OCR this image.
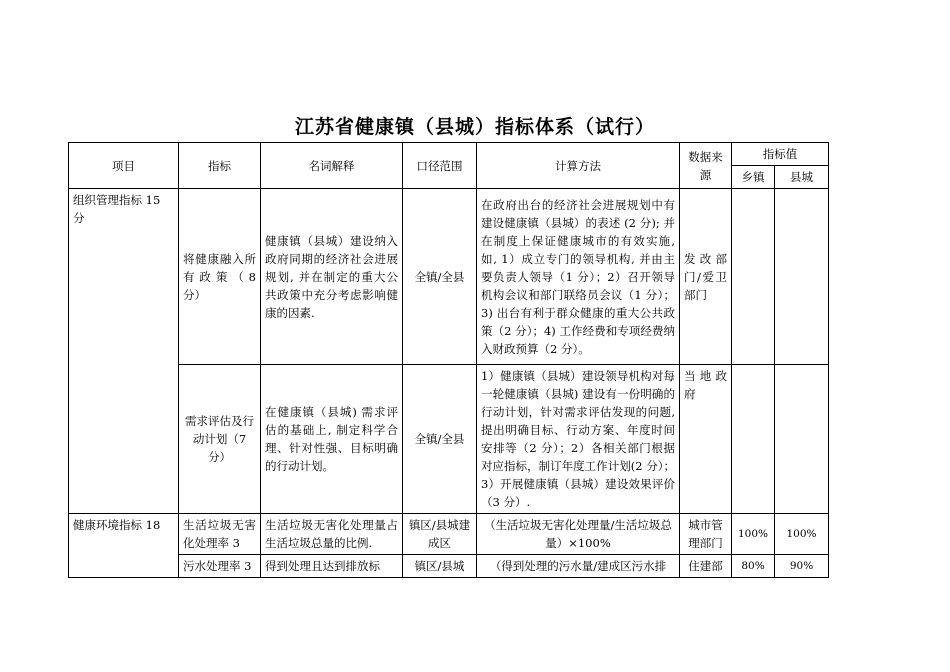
江苏省健康镇（县城）指标体系（试行）
项目	指标	名词解释	口径范围	计算方法	数据来源	指标值	
						乡镇	县城
组织管理指标 15 分	将健康融入所有政策（8 分）	健康镇（县城）建设纳入政府同期的经济社会进展规划, 并在制定的重大公共政策中充分考虑影响健康的因素.	全镇/全县	在政府出台的经济社会进展规划中有建设健康镇（县城）的表述 (2 分); 并在制度上保证健康城市的有效实施, 如, 1）成立专门的领导机构, 并由主要负责人领导（1 分）；2）召开领导机构会议和部门联络员会议（1 分）；3) 出台有利于群众健康的重大公共政策（2 分）；4) 工作经费和专项经费纳入财政预算（2 分）。	发改部门/爱卫部门		
	需求评估及行动计划（7 分）	在健康镇（县城) 需求评估的基础上, 制定科学合理、针对性强、目标明确的行动计划。	全镇/全县	1）健康镇（县城）建设领导机构对每一轮健康镇（县城) 建设有一份明确的行动计划，针对需求评估发现的问题, 提出明确目标、行动方案、年度时间安排等（2 分）；2）各相关部门根据对应指标，制订年度工作计划(2 分）；3）开展健康镇（县城）建设效果评价（3 分）.	当地政府		
健康环境指标 18	生活垃圾无害化处理率 3	生活垃圾无害化处理量占生活垃圾总量的比例.	镇区/县城建成区	（生活垃圾无害化处理量/生活垃圾总量）×100%	城市管理部门	100%	100%
	污水处理率 3	得到处理且达到排放标	镇区/县城	（得到处理的污水量/建成区污水排	住建部	80%	90%
